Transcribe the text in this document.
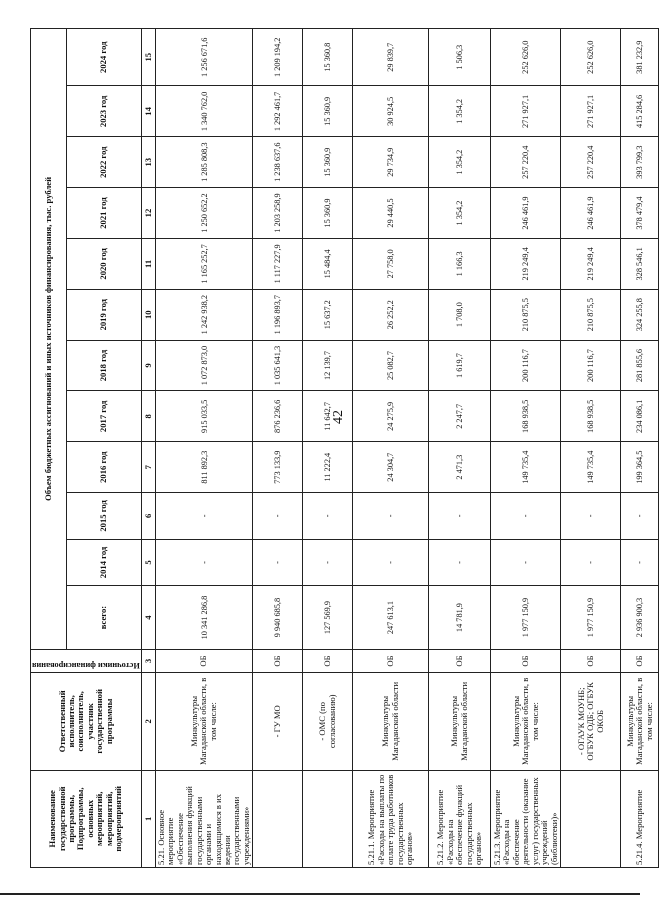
42
Наименование государственной программы, Подпрограммы, основных мероприятий, мероприятий, подмероприятий	Ответственный исполнитель, соисполнитель, участник государственной программы	Источники финансирования	Объем бюджетных ассигнований и иных источников финансирования, тыс. рублей											
			всего:	2014 год	2015 год	2016 год	2017 год	2018 год	2019 год	2020 год	2021 год	2022 год	2023 год	2024 год
1	2	3	4	5	6	7	8	9	10	11	12	13	14	15
5.21. Основное мероприятие «Обеспечение выполнения функций государственными органами и находящимися в их ведении государственными учреждениями»	Минкультуры Магаданской области, в том числе:	ОБ	10 341 286,8	-	-	811 892,3	915 033,5	1 072 873,0	1 242 938,2	1 165 252,7	1 250 652,2	1 285 808,3	1 340 762,0	1 256 671,6
	- ГУ МО	ОБ	9 940 685,8	-	-	773 133,9	876 236,6	1 035 641,3	1 196 893,7	1 117 227,9	1 203 258,9	1 238 637,6	1 292 461,7	1 209 194,2
	- ОМС (по согласованию)	ОБ	127 569,9	-	-	11 222,4	11 642,7	12 139,7	15 637,2	15 484,4	15 360,9	15 360,9	15 360,9	15 360,8
5.21.1. Мероприятие «Расходы на выплаты по оплате труда работников государственных органов»	Минкультуры Магаданской области	ОБ	247 613,1	-	-	24 304,7	24 275,9	25 082,7	26 252,2	27 758,0	29 440,5	29 734,9	30 924,5	29 839,7
5.21.2. Мероприятие «Расходы на обеспечение функций государственных органов»	Минкультуры Магаданской области	ОБ	14 781,9	-	-	2 471,3	2 247,7	1 619,7	1 708,0	1 166,3	1 354,2	1 354,2	1 354,2	1 506,3
5.21.3. Мероприятие «Расходы на обеспечение деятельности (оказание услуг) государственных учреждений (библиотеки)»	Минкультуры Магаданской области, в том числе:	ОБ	1 977 150,9	-	-	149 735,4	168 938,5	200 116,7	210 875,5	219 249,4	246 461,9	257 220,4	271 927,1	252 626,0
	- ОГАУК МОУНБ; ОГБУК ОДБ; ОГБУК ОКОБ	ОБ	1 977 150,9	-	-	149 735,4	168 938,5	200 116,7	210 875,5	219 249,4	246 461,9	257 220,4	271 927,1	252 626,0
5.21.4. Мероприятие	Минкультуры Магаданской области, в том числе:	ОБ	2 936 900,3	-	-	199 364,5	234 086,1	281 855,6	324 255,8	328 546,1	378 479,4	393 799,3	415 284,6	381 232,9
